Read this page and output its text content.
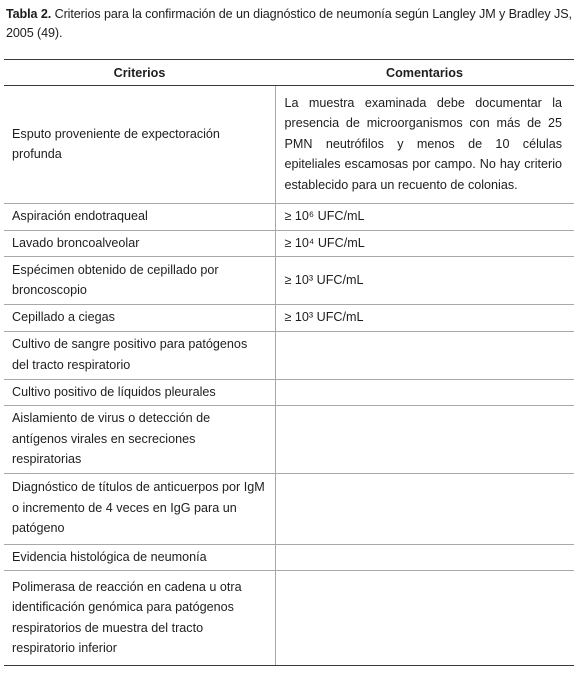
Tabla 2. Criterios para la confirmación de un diagnóstico de neumonía según Langley JM y Bradley JS, 2005 (49).
Criterios	Comentarios
Esputo proveniente de expectoración profunda	La muestra examinada debe documentar la presencia de microorganismos con más de 25 PMN neutrófilos y menos de 10 células epiteliales escamosas por campo. No hay criterio establecido para un recuento de colonias.
Aspiración endotraqueal	≥ 10⁶ UFC/mL
Lavado broncoalveolar	≥ 10⁴ UFC/mL
Espécimen obtenido de cepillado por broncoscopio	≥ 10³ UFC/mL
Cepillado a ciegas	≥ 10³ UFC/mL
Cultivo de sangre positivo para patógenos del tracto respiratorio	
Cultivo positivo de líquidos pleurales	
Aislamiento de virus o detección de antígenos virales en secreciones respiratorias	
Diagnóstico de títulos de anticuerpos por IgM o incremento de 4 veces en IgG para un patógeno	
Evidencia histológica de neumonía	
Polimerasa de reacción en cadena u otra identificación genómica para patógenos respiratorios de muestra del tracto respiratorio inferior	
